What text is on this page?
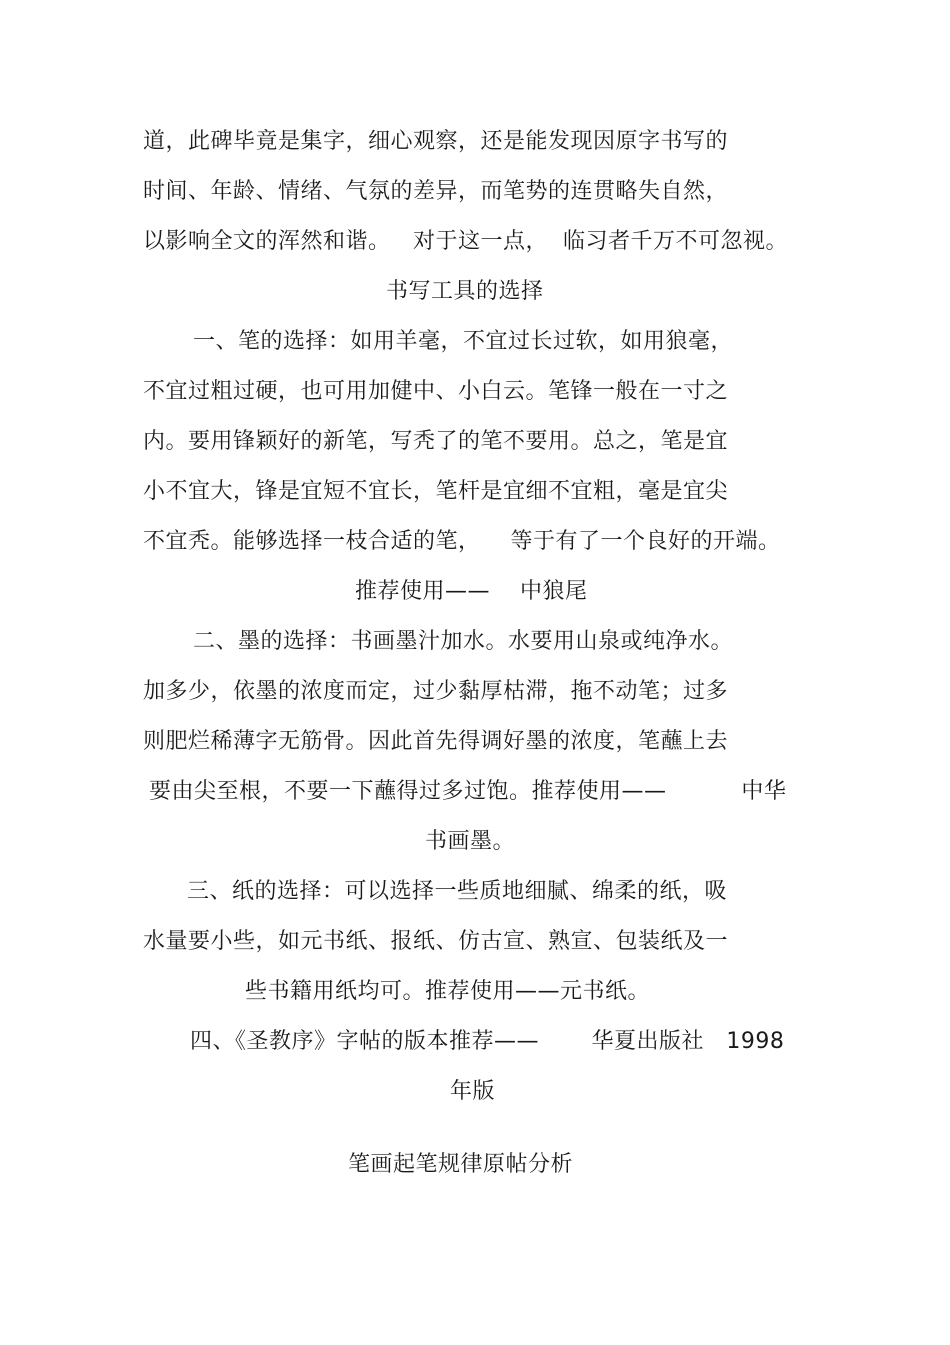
道，此碑毕竟是集字，细心观察，还是能发现因原字书写的
时间、年龄、情绪、气氛的差异，而笔势的连贯略失自然，
以影响全文的浑然和谐。   对于这一点，  临习者千万不可忽视。
书写工具的选择
一、笔的选择：如用羊毫，不宜过长过软，如用狼毫，
不宜过粗过硬，也可用加健中、小白云。笔锋一般在一寸之
内。要用锋颖好的新笔，写秃了的笔不要用。总之，笔是宜
小不宜大，锋是宜短不宜长，笔杆是宜细不宜粗，毫是宜尖
不宜秃。能够选择一枝合适的笔，    等于有了一个良好的开端。
推荐使用——    中狼尾
二、墨的选择：书画墨汁加水。水要用山泉或纯净水。
加多少，依墨的浓度而定，过少黏厚枯滞，拖不动笔；过多
则肥烂稀薄字无筋骨。因此首先得调好墨的浓度，笔蘸上去
要由尖至根，不要一下蘸得过多过饱。推荐使用——          中华
书画墨。
三、纸的选择：可以选择一些质地细腻、绵柔的纸，吸
水量要小些，如元书纸、报纸、仿古宣、熟宣、包装纸及一
些书籍用纸均可。推荐使用——元书纸。
四、《圣教序》字帖的版本推荐——       华夏出版社   1998
年版
笔画起笔规律原帖分析
